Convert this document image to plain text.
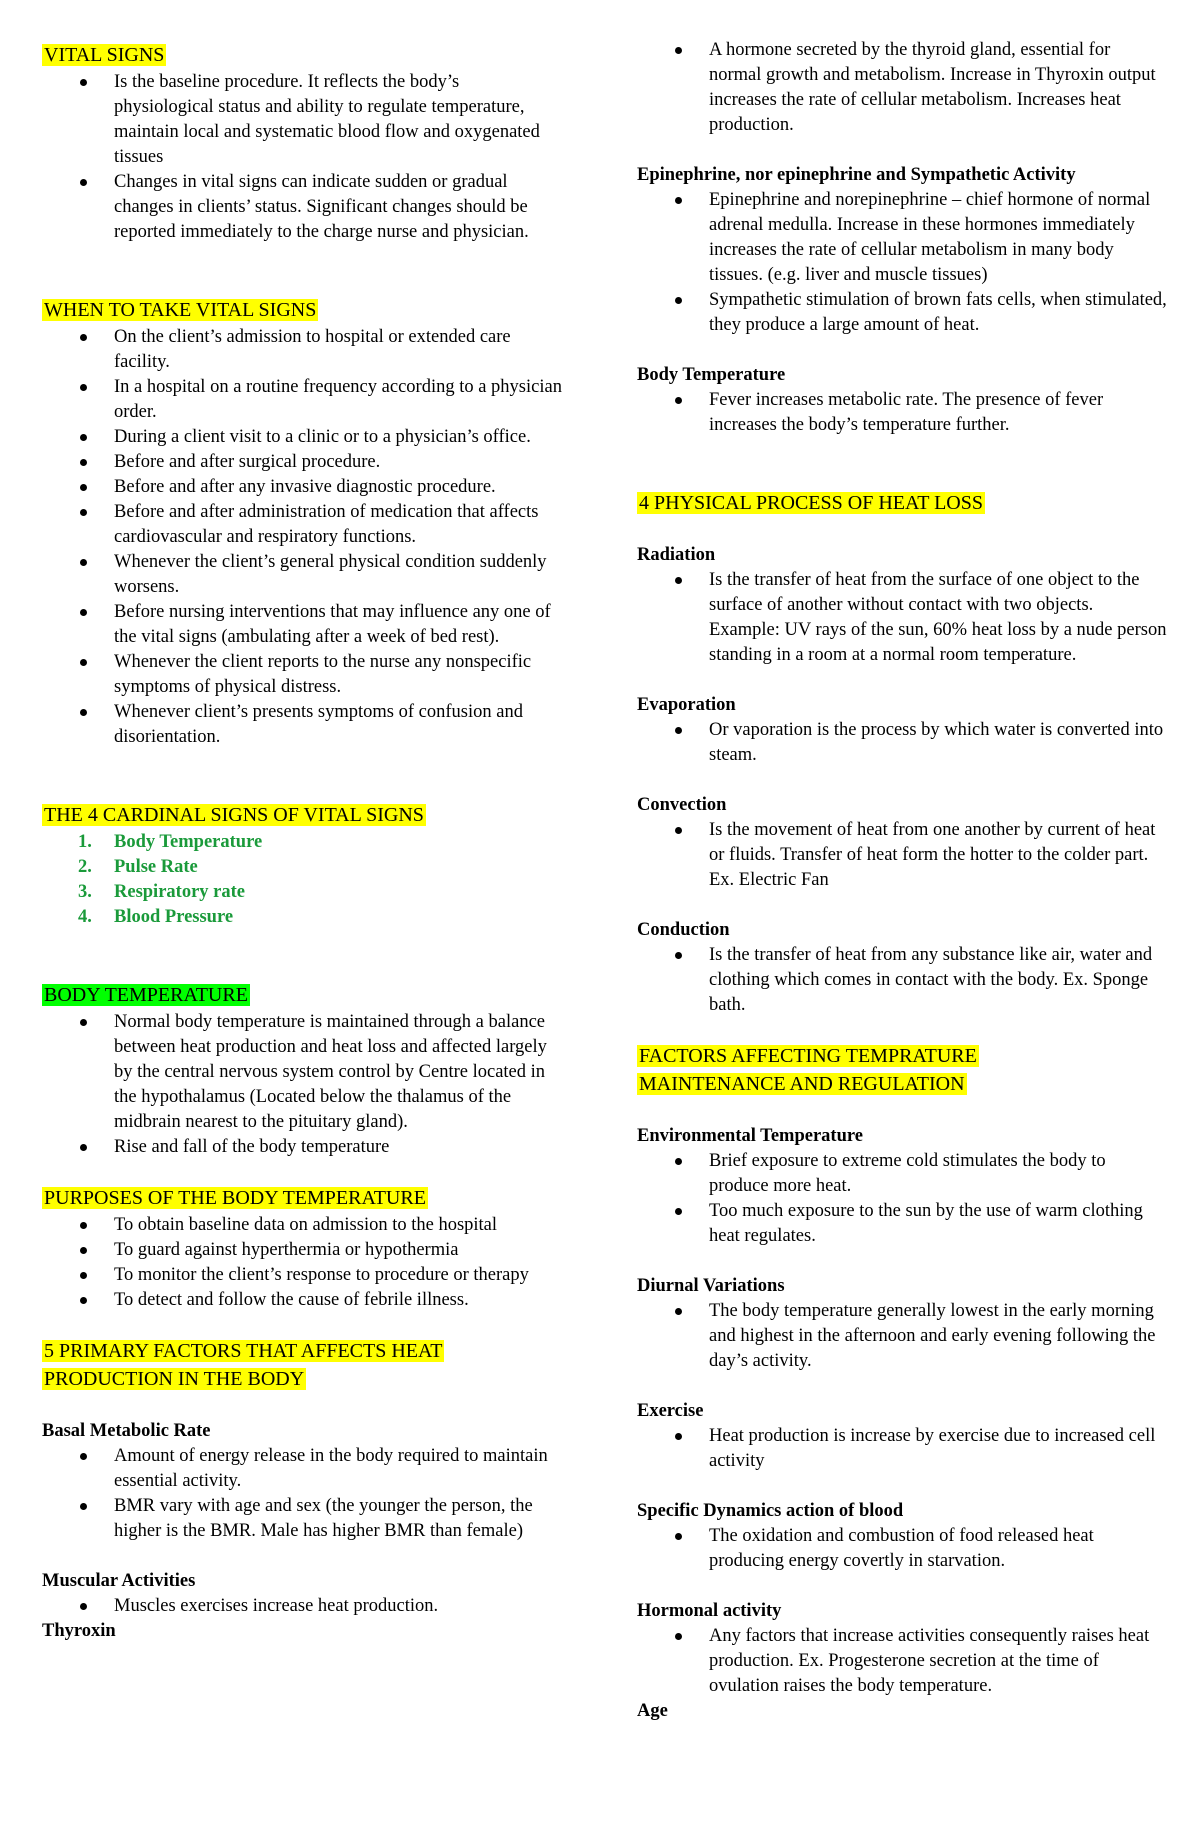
VITAL SIGNS
Is the baseline procedure. It reflects the body’s physiological status and ability to regulate temperature, maintain local and systematic blood flow and oxygenated tissues
Changes in vital signs can indicate sudden or gradual changes in clients’ status. Significant changes should be reported immediately to the charge nurse and physician.
WHEN TO TAKE VITAL SIGNS
On the client’s admission to hospital or extended care facility.
In a hospital on a routine frequency according to a physician order.
During a client visit to a clinic or to a physician’s office.
Before and after surgical procedure.
Before and after any invasive diagnostic procedure.
Before and after administration of medication that affects cardiovascular and respiratory functions.
Whenever the client’s general physical condition suddenly worsens.
Before nursing interventions that may influence any one of the vital signs (ambulating after a week of bed rest).
Whenever the client reports to the nurse any nonspecific symptoms of physical distress.
Whenever client’s presents symptoms of confusion and disorientation.
THE 4 CARDINAL SIGNS OF VITAL SIGNS
1. Body Temperature
2. Pulse Rate
3. Respiratory rate
4. Blood Pressure
BODY TEMPERATURE
Normal body temperature is maintained through a balance between heat production and heat loss and affected largely by the central nervous system control by Centre located in the hypothalamus (Located below the thalamus of the midbrain nearest to the pituitary gland).
Rise and fall of the body temperature
PURPOSES OF THE BODY TEMPERATURE
To obtain baseline data on admission to the hospital
To guard against hyperthermia or hypothermia
To monitor the client’s response to procedure or therapy
To detect and follow the cause of febrile illness.
5 PRIMARY FACTORS THAT AFFECTS HEAT
PRODUCTION IN THE BODY

Basal Metabolic Rate

Amount of energy release in the body required to maintain essential activity.
BMR vary with age and sex (the younger the person, the higher is the BMR. Male has higher BMR than female)

Muscular Activities

Muscles exercises increase heat production.

Thyroxin

A hormone secreted by the thyroid gland, essential for normal growth and metabolism. Increase in Thyroxin output increases the rate of cellular metabolism. Increases heat production.

Epinephrine, nor epinephrine and Sympathetic Activity

Epinephrine and norepinephrine – chief hormone of normal adrenal medulla. Increase in these hormones immediately increases the rate of cellular metabolism in many body tissues. (e.g. liver and muscle tissues)
Sympathetic stimulation of brown fats cells, when stimulated, they produce a large amount of heat.

Body Temperature

Fever increases metabolic rate. The presence of fever increases the body’s temperature further.
4 PHYSICAL PROCESS OF HEAT LOSS

Radiation

Is the transfer of heat from the surface of one object to the surface of another without contact with two objects. Example: UV rays of the sun, 60% heat loss by a nude person standing in a room at a normal room temperature.

Evaporation

Or vaporation is the process by which water is converted into steam.

Convection

Is the movement of heat from one another by current of heat or fluids. Transfer of heat form the hotter to the colder part. Ex. Electric Fan

Conduction

Is the transfer of heat from any substance like air, water and clothing which comes in contact with the body. Ex. Sponge bath.
FACTORS AFFECTING TEMPRATURE
MAINTENANCE AND REGULATION

Environmental Temperature

Brief exposure to extreme cold stimulates the body to produce more heat.
Too much exposure to the sun by the use of warm clothing heat regulates.

Diurnal Variations

The body temperature generally lowest in the early morning and highest in the afternoon and early evening following the day’s activity.

Exercise

Heat production is increase by exercise due to increased cell activity

Specific Dynamics action of blood

The oxidation and combustion of food released heat producing energy covertly in starvation.

Hormonal activity

Any factors that increase activities consequently raises heat production. Ex. Progesterone secretion at the time of ovulation raises the body temperature.

Age
